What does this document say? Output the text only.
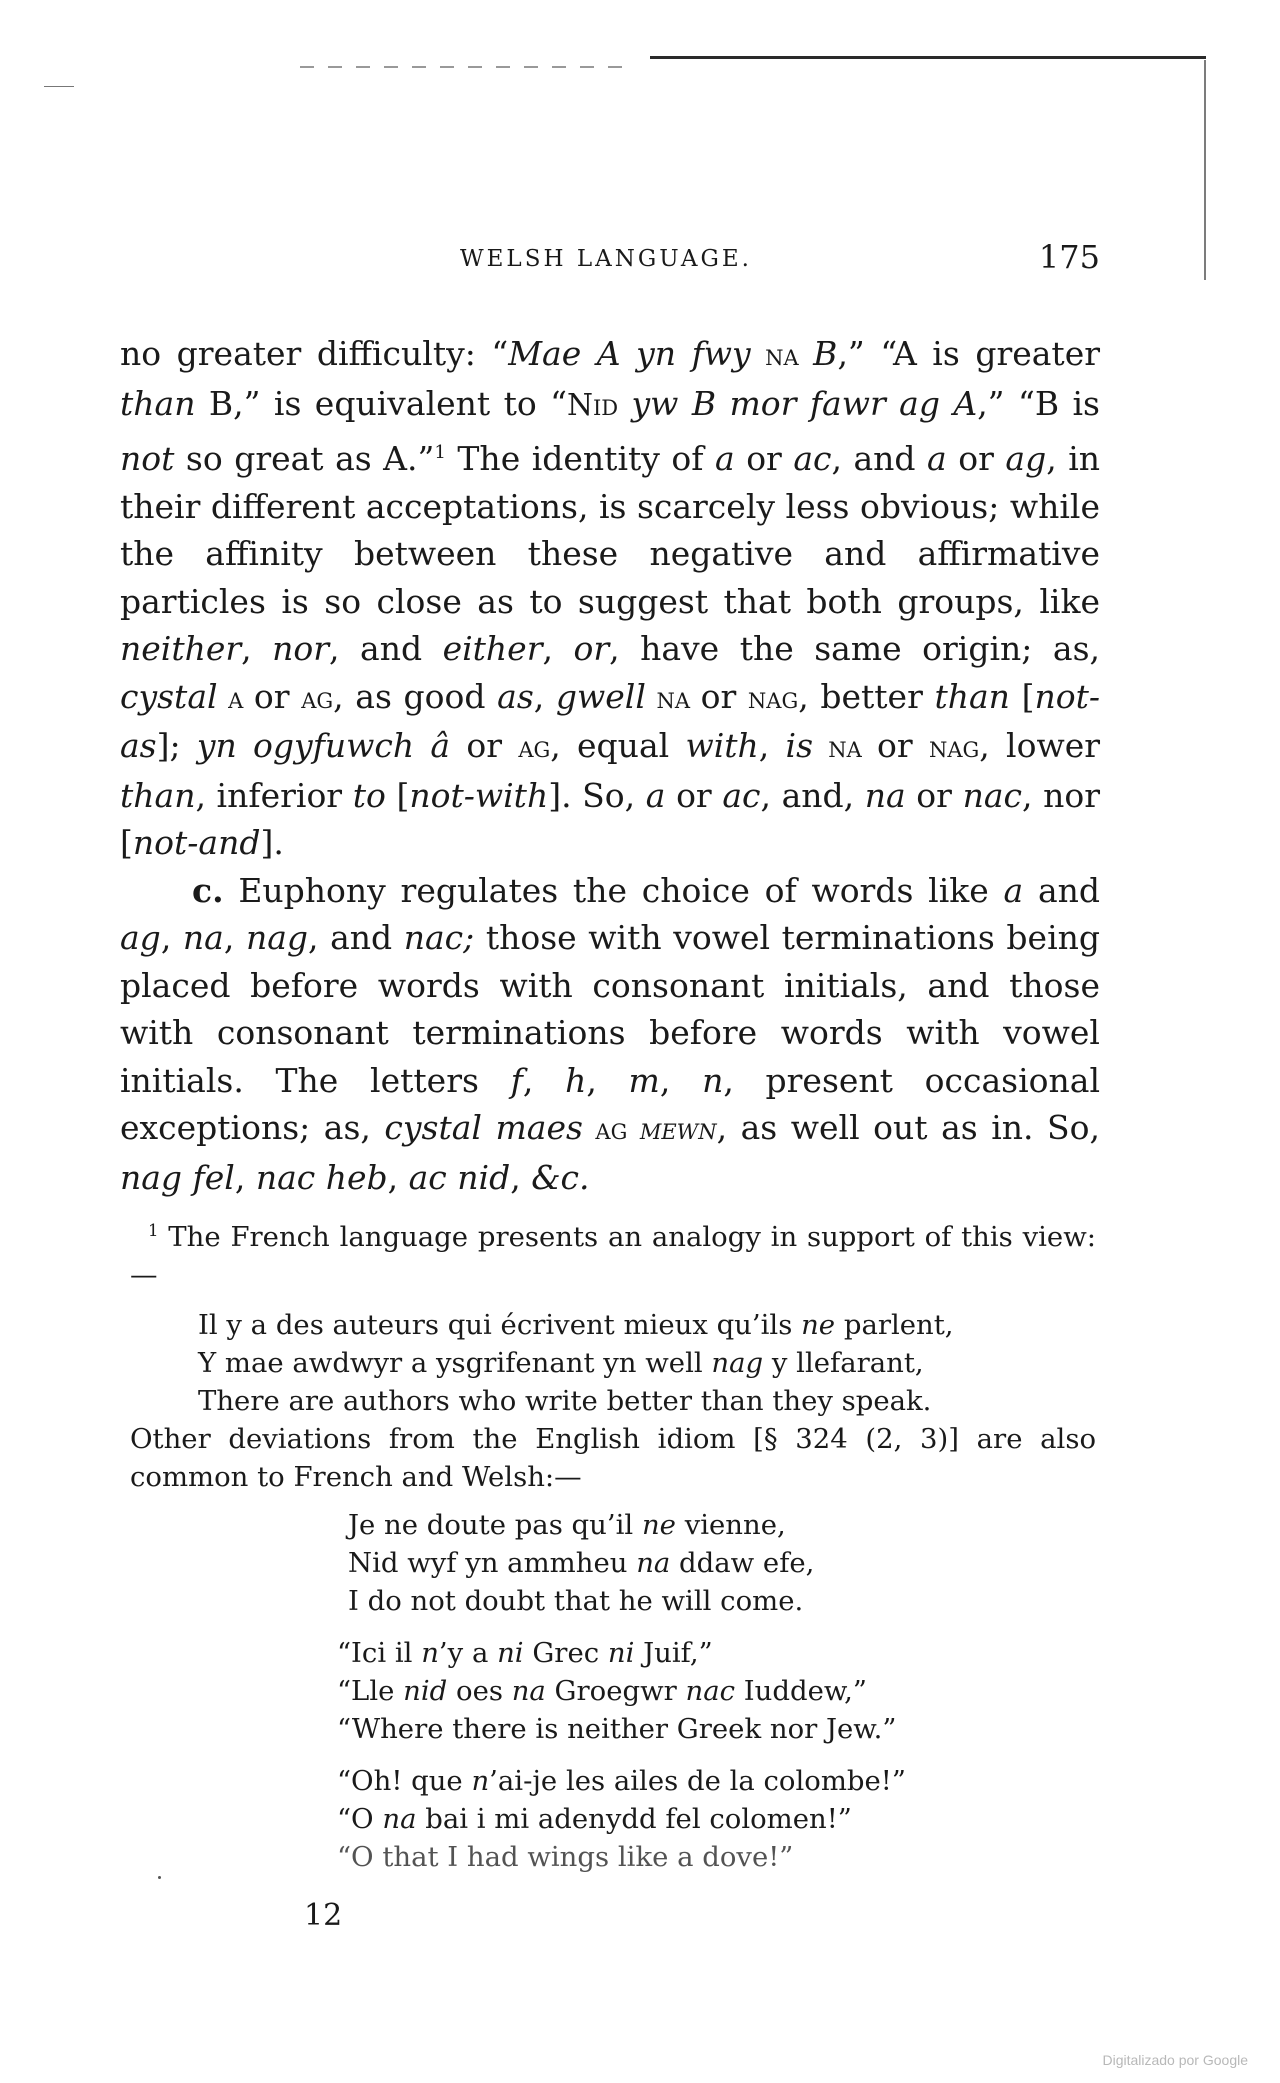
WELSH LANGUAGE.	175

no greater difficulty: “Mae A yn fwy na B,” “A is greater than B,” is equivalent to “Nid yw B mor fawr ag A,” “B is not so great as A.”$^1$ The identity of a or ac, and a or ag, in their different acceptations, is scarcely less obvious; while the affinity between these negative and affirmative particles is so close as to suggest that both groups, like neither, nor, and either, or, have the same origin; as, cystal a or ag, as good as, gwell na or nag, better than [not-as]; yn ogyfuwch â or ag, equal with, is na or nag, lower than, inferior to [not-with]. So, a or ac, and, na or nac, nor [not-and].

c. Euphony regulates the choice of words like a and ag, na, nag, and nac; those with vowel terminations being placed before words with consonant initials, and those with consonant terminations before words with vowel initials. The letters f, h, m, n, present occasional exceptions; as, cystal maes ag mewn, as well out as in. So, nag fel, nac heb, ac nid, &c.

$^1$ The French language presents an analogy in support of this view:—

Il y a des auteurs qui écrivent mieux qu’ils ne parlent,
Y mae awdwyr a ysgrifenant yn well nag y llefarant,
There are authors who write better than they speak.

Other deviations from the English idiom [§ 324 (2, 3)] are also common to French and Welsh:—

Je ne doute pas qu’il ne vienne,
Nid wyf yn ammheu na ddaw efe,
I do not doubt that he will come.
“Ici il n’y a ni Grec ni Juif,”
“Lle nid oes na Groegwr nac Iuddew,”
“Where there is neither Greek nor Jew.”
“Oh! que n’ai-je les ailes de la colombe!”
“O na bai i mi adenydd fel colomen!”
“O that I had wings like a dove!”
12
Digitalizado por Google
